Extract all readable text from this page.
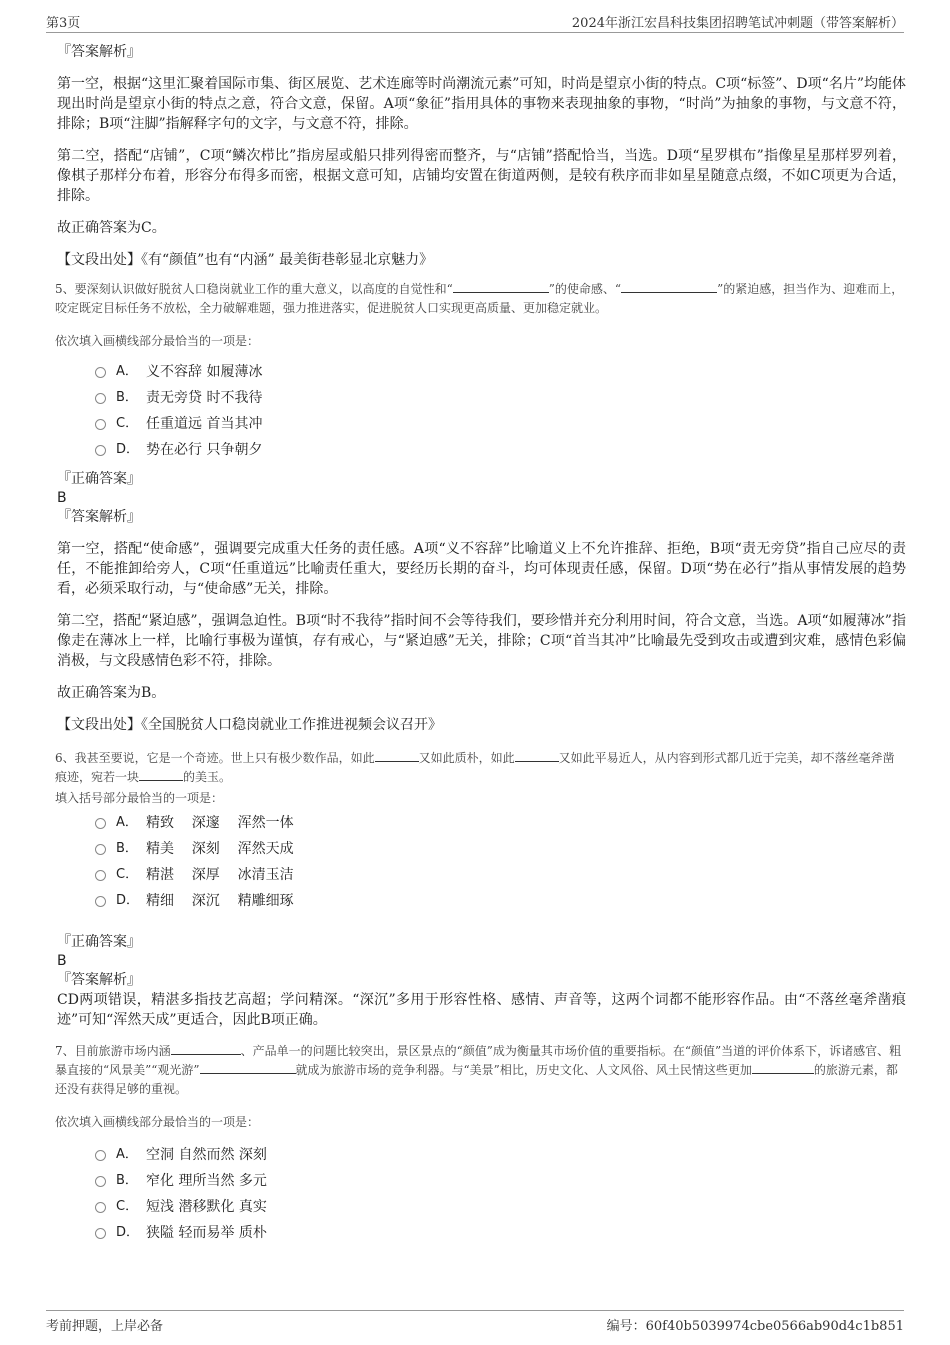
第3页	2024年浙江宏昌科技集团招聘笔试冲刺题（带答案解析）
『答案解析』

第一空，根据“这里汇聚着国际市集、街区展览、艺术连廊等时尚潮流元素”可知，时尚是望京小街的特点。C项“标签”、D项“名片”均能体现出时尚是望京小街的特点之意，符合文意，保留。A项“象征”指用具体的事物来表现抽象的事物，“时尚”为抽象的事物，与文意不符，排除；B项“注脚”指解释字句的文字，与文意不符，排除。

第二空，搭配“店铺”，C项“鳞次栉比”指房屋或船只排列得密而整齐，与“店铺”搭配恰当，当选。D项“星罗棋布”指像星星那样罗列着，像棋子那样分布着，形容分布得多而密，根据文意可知，店铺均安置在街道两侧，是较有秩序而非如星星随意点缀，不如C项更为合适，排除。

故正确答案为C。

【文段出处】《有“颜值”也有“内涵” 最美街巷彰显北京魅力》

5、要深刻认识做好脱贫人口稳岗就业工作的重大意义，以高度的自觉性和“	”的使命感、“	”的紧迫感，担当作为、迎难而上，咬定既定目标任务不放松，全力破解难题，强力推进落实，促进脱贫人口实现更高质量、更加稳定就业。
依次填入画横线部分最恰当的一项是：
A． 义不容辞 如履薄冰
B． 责无旁贷 时不我待
C． 任重道远 首当其冲
D． 势在必行 只争朝夕
『正确答案』
B
『答案解析』

第一空，搭配“使命感”，强调要完成重大任务的责任感。A项“义不容辞”比喻道义上不允许推辞、拒绝，B项“责无旁贷”指自己应尽的责任，不能推卸给旁人，C项“任重道远”比喻责任重大，要经历长期的奋斗，均可体现责任感，保留。D项“势在必行”指从事情发展的趋势看，必须采取行动，与“使命感”无关，排除。

第二空，搭配“紧迫感”，强调急迫性。B项“时不我待”指时间不会等待我们，要珍惜并充分利用时间，符合文意，当选。A项“如履薄冰”指像走在薄冰上一样，比喻行事极为谨慎，存有戒心，与“紧迫感”无关，排除；C项“首当其冲”比喻最先受到攻击或遭到灾难，感情色彩偏消极，与文段感情色彩不符，排除。

故正确答案为B。

【文段出处】《全国脱贫人口稳岗就业工作推进视频会议召开》

6、我甚至要说，它是一个奇迹。世上只有极少数作品，如此	又如此质朴，如此	又如此平易近人，从内容到形式都几近于完美，却不落丝毫斧凿痕迹，宛若一块	的美玉。
填入括号部分最恰当的一项是：
A． 精致    深邃    浑然一体
B． 精美    深刻    浑然天成
C． 精湛    深厚    冰清玉洁
D． 精细    深沉    精雕细琢
『正确答案』
B
『答案解析』

CD两项错误，精湛多指技艺高超；学问精深。“深沉”多用于形容性格、感情、声音等，这两个词都不能形容作品。由“不落丝毫斧凿痕迹”可知“浑然天成”更适合，因此B项正确。

7、目前旅游市场内涵	、产品单一的问题比较突出，景区景点的“颜值”成为衡量其市场价值的重要指标。在“颜值”当道的评价体系下，诉诸感官、粗暴直接的“风景美”“观光游”	就成为旅游市场的竞争利器。与“美景”相比，历史文化、人文风俗、风土民情这些更加	的旅游元素，都还没有获得足够的重视。
依次填入画横线部分最恰当的一项是：
A． 空洞 自然而然 深刻
B． 窄化 理所当然 多元
C． 短浅 潜移默化 真实
D． 狭隘 轻而易举 质朴
考前押题，上岸必备	编号：60f40b5039974cbe0566ab90d4c1b851
